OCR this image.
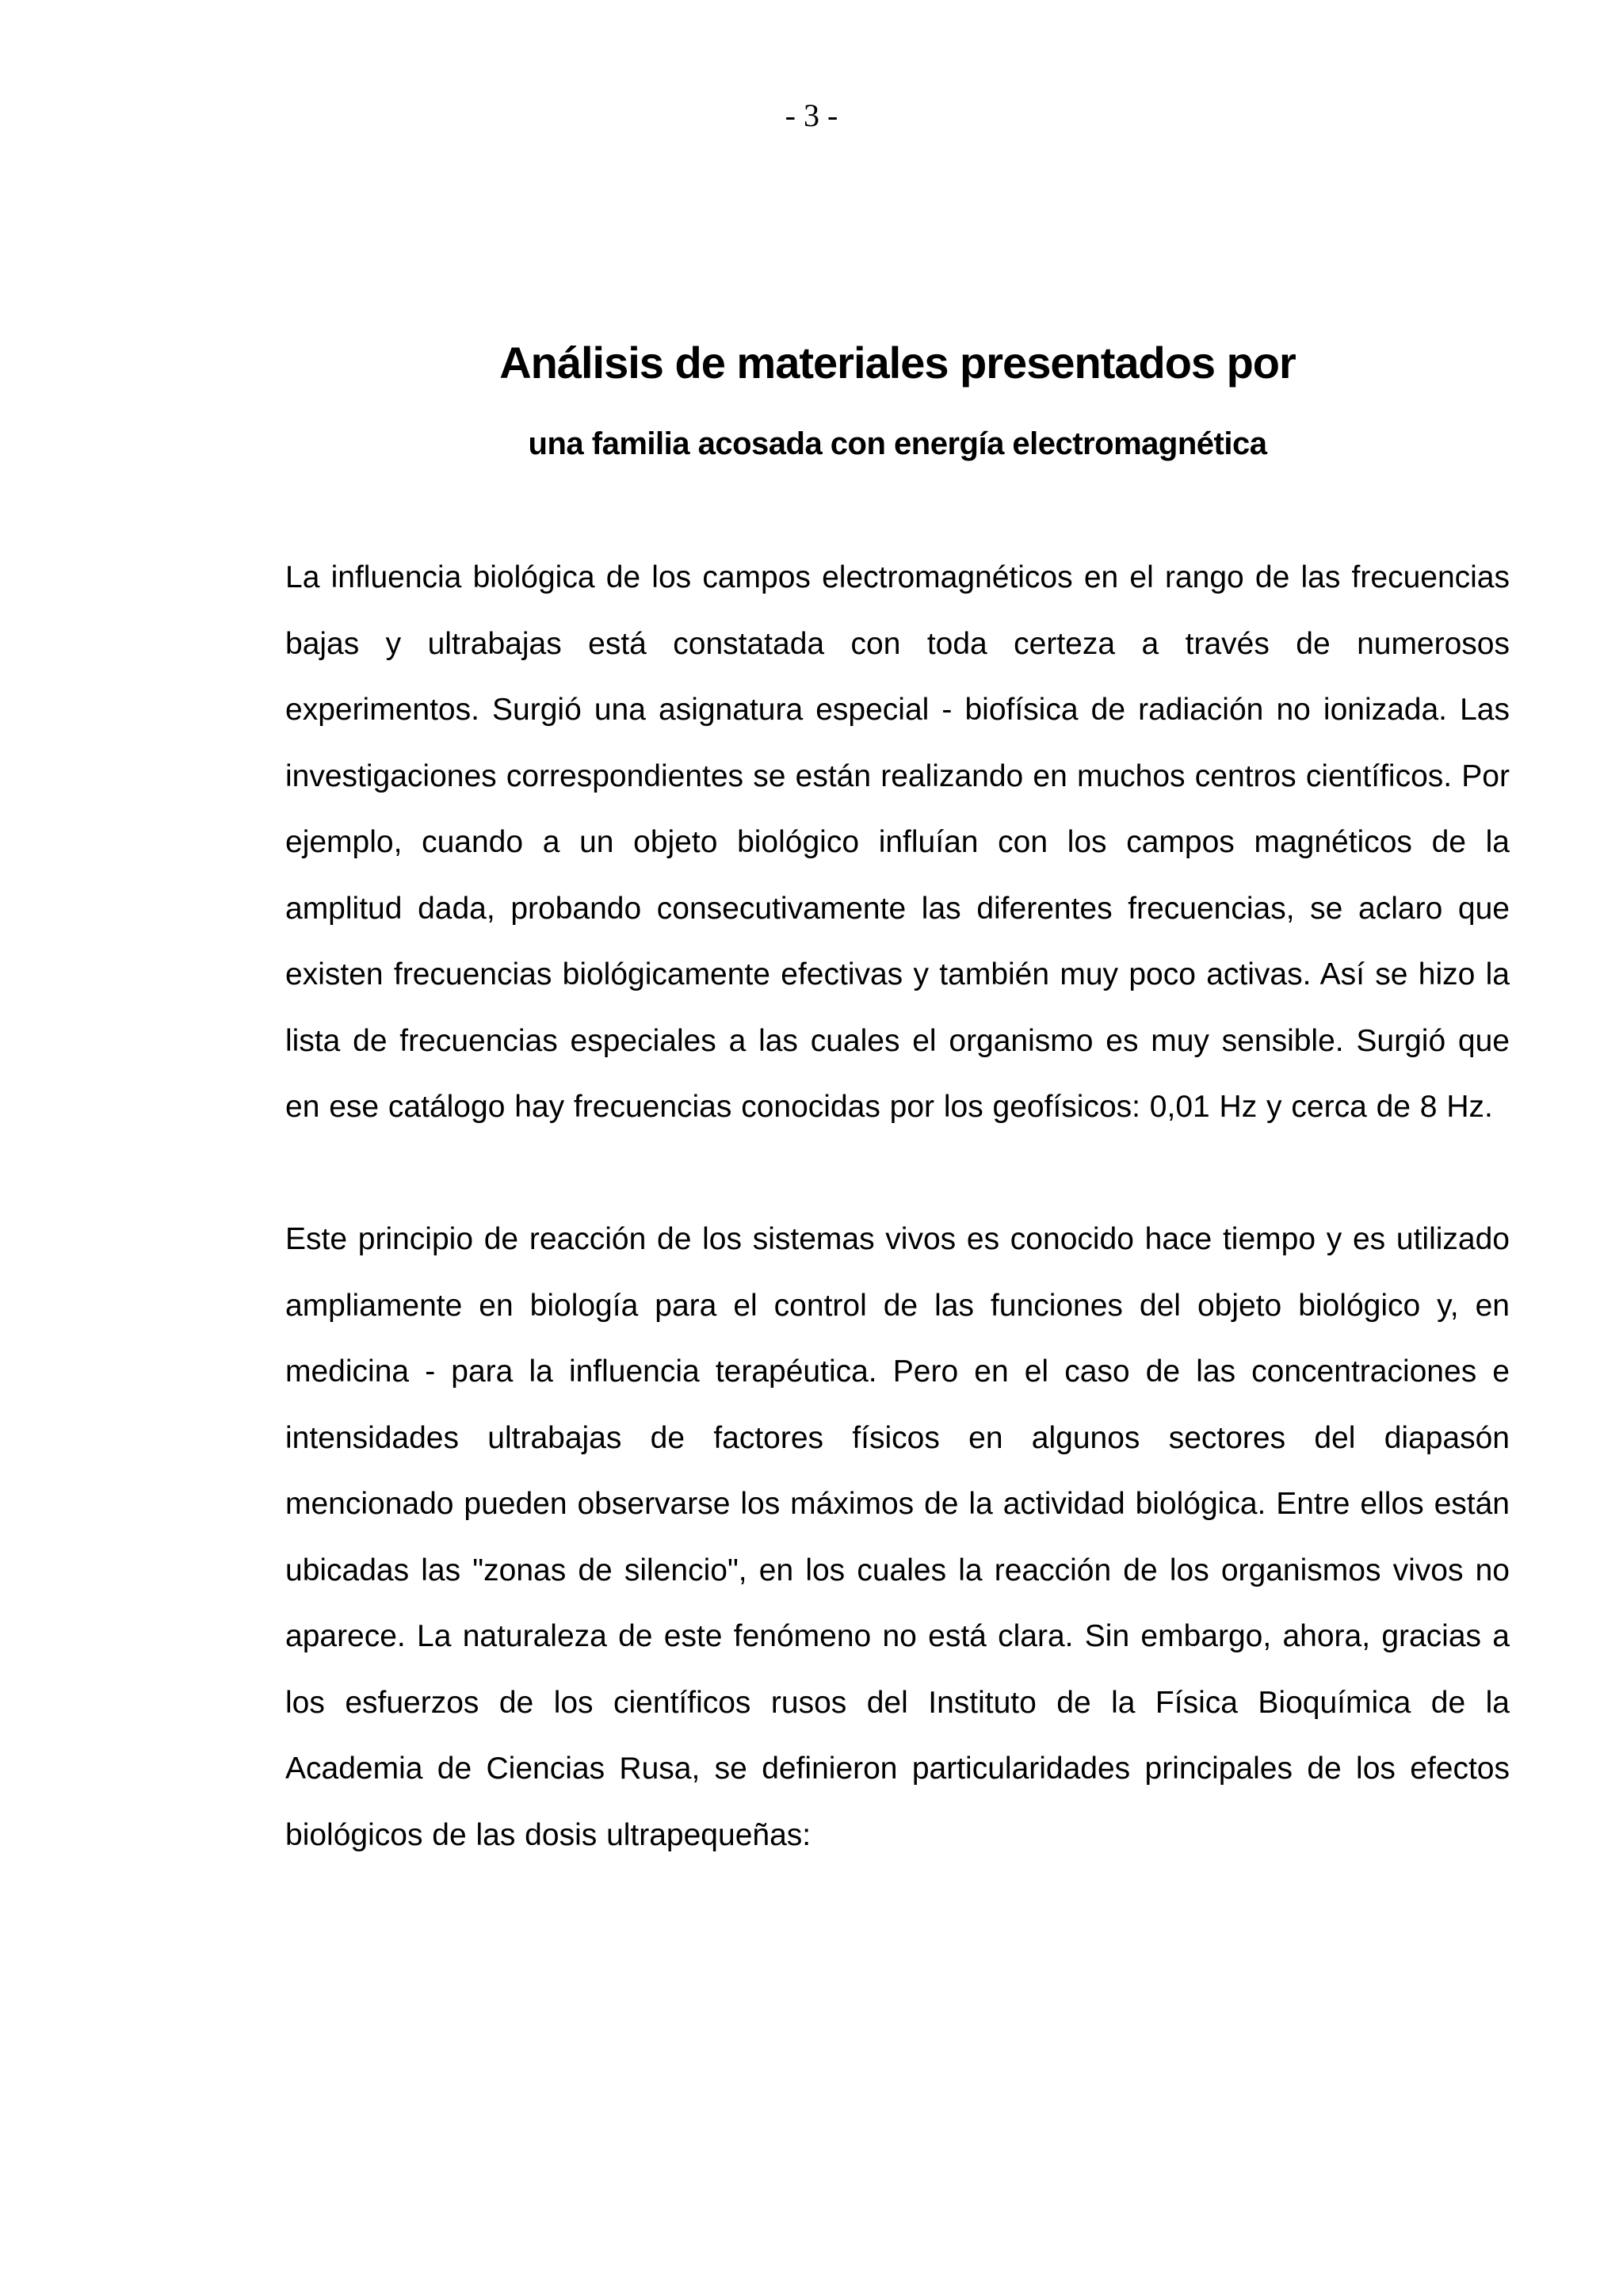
- 3 -
Análisis de materiales presentados por
una familia acosada con energía electromagnética

La influencia biológica de los campos electromagnéticos en el rango de las frecuencias bajas y ultrabajas está constatada con toda certeza a través de numerosos experimentos. Surgió una asignatura especial - biofísica de radiación no ionizada. Las investigaciones correspondientes se están realizando en muchos centros científicos. Por ejemplo, cuando a un objeto biológico influían con los campos magnéticos de la amplitud dada, probando consecutivamente las diferentes frecuencias, se aclaro que existen frecuencias biológicamente efectivas y también muy poco activas. Así se hizo la lista de frecuencias especiales a las cuales el organismo es muy sensible. Surgió que en ese catálogo hay frecuencias conocidas por los geofísicos: 0,01 Hz y cerca de 8 Hz.

Este principio de reacción de los sistemas vivos es conocido hace tiempo y es utilizado ampliamente en biología para el control de las funciones del objeto biológico y, en medicina - para la influencia terapéutica. Pero en el caso de las concentraciones e intensidades ultrabajas de factores físicos en algunos sectores del diapasón mencionado pueden observarse los máximos de la actividad biológica. Entre ellos están ubicadas las "zonas de silencio", en los cuales la reacción de los organismos vivos no aparece. La naturaleza de este fenómeno no está clara. Sin embargo, ahora, gracias a los esfuerzos de los científicos rusos del Instituto de la Física Bioquímica de la Academia de Ciencias Rusa, se definieron particularidades principales de los efectos biológicos de las dosis ultrapequeñas:
